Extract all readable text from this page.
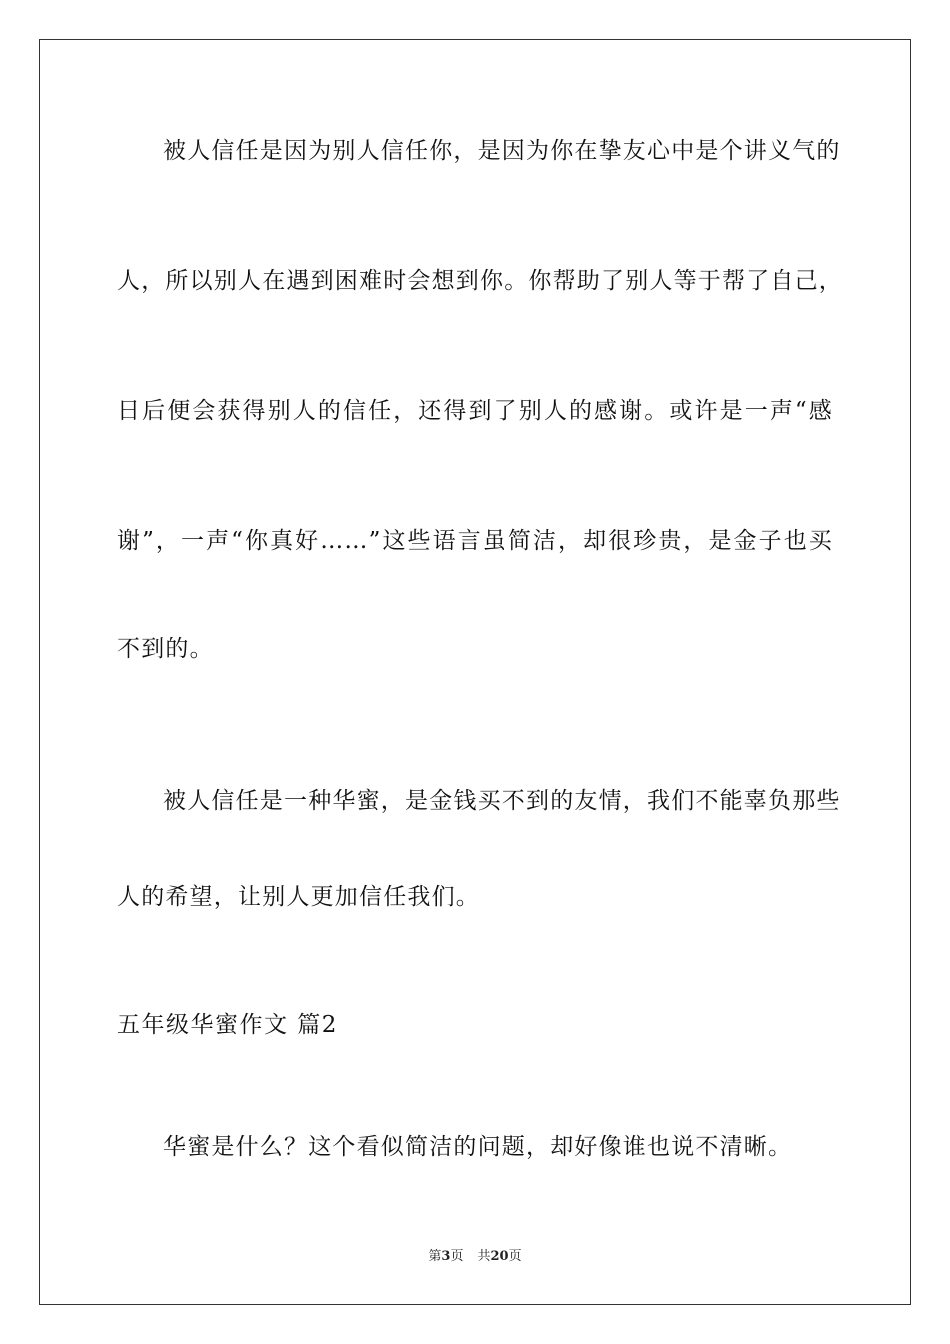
被人信任是因为别人信任你，是因为你在挚友心中是个讲义气的
人，所以别人在遇到困难时会想到你。你帮助了别人等于帮了自己，
日后便会获得别人的信任，还得到了别人的感谢。或许是一声“感
谢”，一声“你真好……”这些语言虽简洁，却很珍贵，是金子也买
不到的。
被人信任是一种华蜜，是金钱买不到的友情，我们不能辜负那些
人的希望，让别人更加信任我们。
五年级华蜜作文 篇2
华蜜是什么？这个看似简洁的问题，却好像谁也说不清晰。
第3页 共20页
